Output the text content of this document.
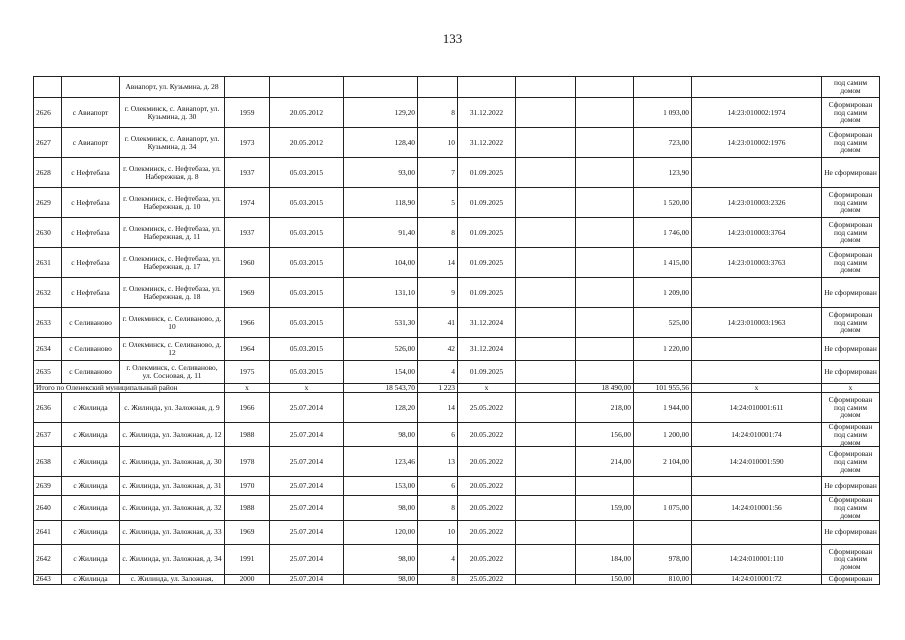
133
		Авиапорт, ул. Кузьмина, д. 28										под самим домом
2626	с Авиапорт	г. Олекминск, с. Авиапорт, ул. Кузьмина, д. 30	1959	20.05.2012	129,20	8	31.12.2022			1 093,00	14:23:010002:1974	Сформирован под самим домом
2627	с Авиапорт	г. Олекминск, с. Авиапорт, ул. Кузьмина, д. 34	1973	20.05.2012	128,40	10	31.12.2022			723,00	14:23:010002:1976	Сформирован под самим домом
2628	с Нефтебаза	г. Олекминск, с. Нефтебаза, ул. Набережная, д. 8	1937	05.03.2015	93,00	7	01.09.2025			123,90		Не сформирован
2629	с Нефтебаза	г. Олекминск, с. Нефтебаза, ул. Набережная, д. 10	1974	05.03.2015	118,90	5	01.09.2025			1 520,00	14:23:010003:2326	Сформирован под самим домом
2630	с Нефтебаза	г. Олекминск, с. Нефтебаза, ул. Набережная, д. 11	1937	05.03.2015	91,40	8	01.09.2025			1 746,00	14:23:010003:3764	Сформирован под самим домом
2631	с Нефтебаза	г. Олекминск, с. Нефтебаза, ул. Набережная, д. 17	1960	05.03.2015	104,00	14	01.09.2025			1 415,00	14:23:010003:3763	Сформирован под самим домом
2632	с Нефтебаза	г. Олекминск, с. Нефтебаза, ул. Набережная, д. 18	1969	05.03.2015	131,10	9	01.09.2025			1 209,00		Не сформирован
2633	с Селиваново	г. Олекминск, с. Селиваново, д. 10	1966	05.03.2015	531,30	41	31.12.2024			525,00	14:23:010003:1963	Сформирован под самим домом
2634	с Селиваново	г. Олекминск, с. Селиваново, д. 12	1964	05.03.2015	526,00	42	31.12.2024			1 220,00		Не сформирован
2635	с Селиваново	г. Олекминск, с. Селиваново, ул. Сосновая, д. 11	1975	05.03.2015	154,00	4	01.09.2025					Не сформирован
Итого по Оленекский муниципальный район			x	x	18 543,70	1 223	x		18 490,00	101 955,56	x	x
2636	с Жилинда	с. Жилинда, ул. Заложная, д. 9	1966	25.07.2014	128,20	14	25.05.2022		218,00	1 944,00	14:24:010001:611	Сформирован под самим домом
2637	с Жилинда	с. Жилинда, ул. Заложная, д. 12	1988	25.07.2014	98,00	6	20.05.2022		156,00	1 200,00	14:24:010001:74	Сформирован под самим домом
2638	с Жилинда	с. Жилинда, ул. Заложная, д. 30	1978	25.07.2014	123,46	13	20.05.2022		214,00	2 104,00	14:24:010001:590	Сформирован под самим домом
2639	с Жилинда	с. Жилинда, ул. Заложная, д. 31	1970	25.07.2014	153,00	6	20.05.2022					Не сформирован
2640	с Жилинда	с. Жилинда, ул. Заложная, д. 32	1988	25.07.2014	98,00	8	20.05.2022		159,00	1 075,00	14:24:010001:56	Сформирован под самим домом
2641	с Жилинда	с. Жилинда, ул. Заложная, д. 33	1969	25.07.2014	120,00	10	20.05.2022					Не сформирован
2642	с Жилинда	с. Жилинда, ул. Заложная, д. 34	1991	25.07.2014	98,00	4	20.05.2022		184,00	978,00	14:24:010001:110	Сформирован под самим домом
2643	с Жилинда	с. Жилинда, ул. Заложная,	2000	25.07.2014	98,00	8	25.05.2022		150,00	810,00	14:24:010001:72	Сформирован
